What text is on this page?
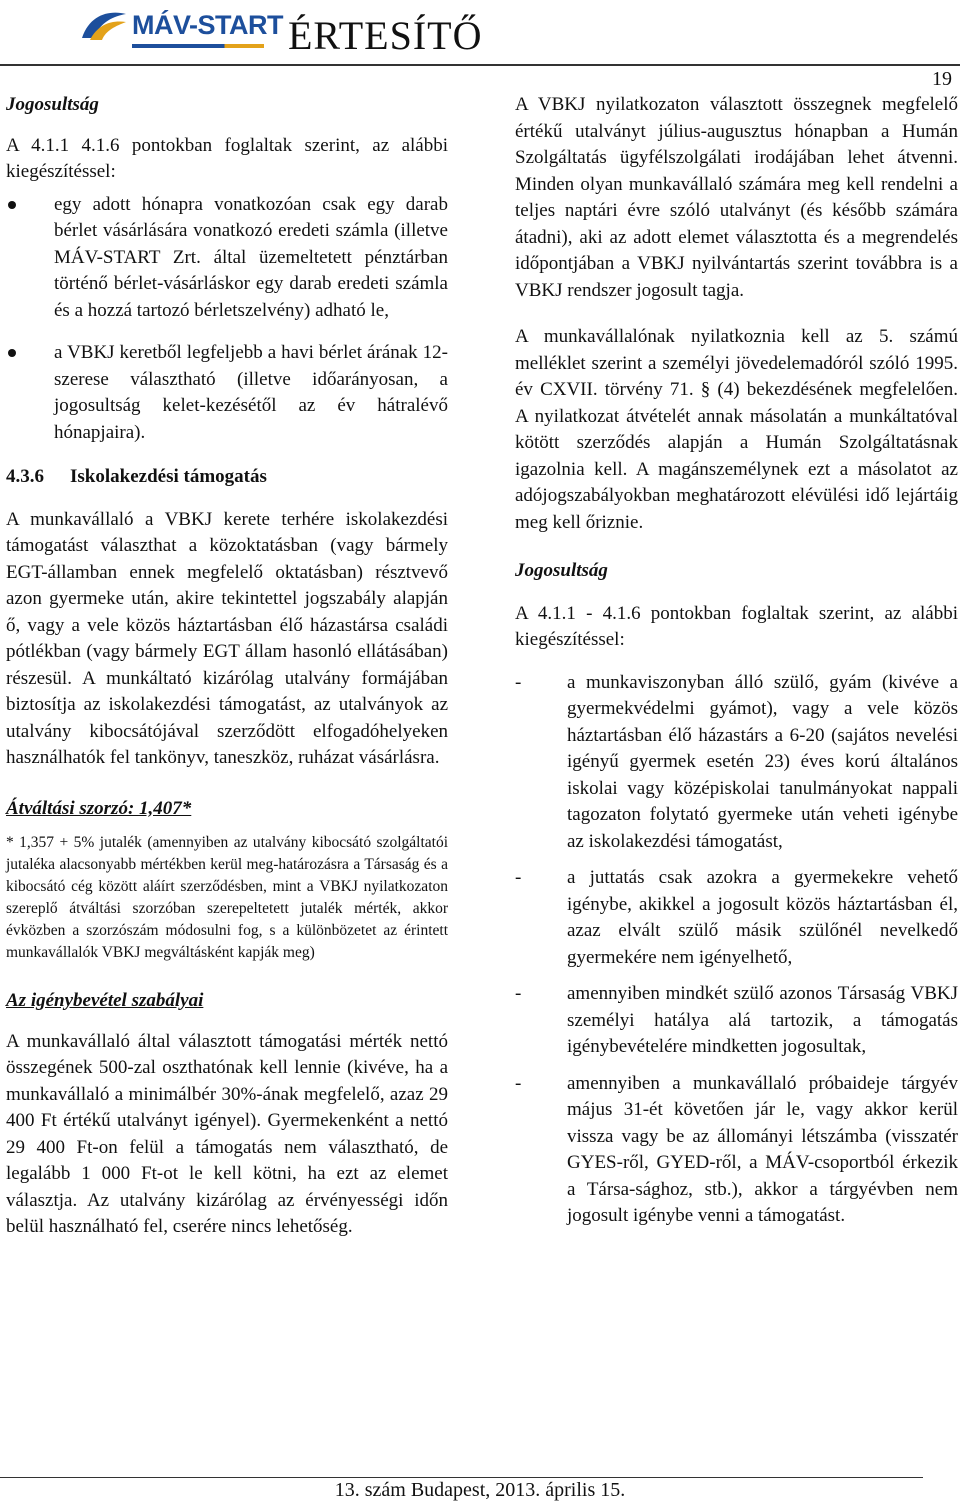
MÁV-START ÉRTESÍTŐ
19

Jogosultság

A 4.1.1 4.1.6 pontokban foglaltak szerint, az alábbi kiegészítéssel:

egy adott hónapra vonatkozóan csak egy darab bérlet vásárlására vonatkozó eredeti számla (illetve MÁV-START Zrt. által üzemeltetett pénztárban történő bérlet-vásárláskor egy darab eredeti számla és a hozzá tartozó bérletszelvény) adható le,
a VBKJ keretből legfeljebb a havi bérlet árának 12-szerese választható (illetve időarányosan, a jogosultság kelet-kezésétől az év hátralévő hónapjaira).

4.3.6 Iskolakezdési támogatás

A munkavállaló a VBKJ kerete terhére iskolakezdési támogatást választhat a közoktatásban (vagy bármely EGT-államban ennek megfelelő oktatásban) résztvevő azon gyermeke után, akire tekintettel jogszabály alapján ő, vagy a vele közös háztartásban élő házastársa családi pótlékban (vagy bármely EGT állam hasonló ellátásában) részesül. A munkáltató kizárólag utalvány formájában biztosítja az iskolakezdési támogatást, az utalványok az utalvány kibocsátójával szerződött elfogadóhelyeken használhatók fel tankönyv, taneszköz, ruházat vásárlásra.

Átváltási szorzó: 1,407*

* 1,357 + 5% jutalék (amennyiben az utalvány kibocsátó szolgáltatói jutaléka alacsonyabb mértékben kerül meg-határozásra a Társaság és a kibocsátó cég között aláírt szerződésben, mint a VBKJ nyilatkozaton szereplő átváltási szorzóban szerepeltetett jutalék mérték, akkor évközben a szorzószám módosulni fog, s a különbözetet az érintett munkavállalók VBKJ megváltásként kapják meg)

Az igénybevétel szabályai

A munkavállaló által választott támogatási mérték nettó összegének 500-zal oszthatónak kell lennie (kivéve, ha a munkavállaló a minimálbér 30%-ának megfelelő, azaz 29 400 Ft értékű utalványt igényel). Gyermekenként a nettó 29 400 Ft-on felül a támogatás nem választható, de legalább 1 000 Ft-ot le kell kötni, ha ezt az elemet választja. Az utalvány kizárólag az érvényességi időn belül használható fel, cserére nincs lehetőség.

A VBKJ nyilatkozaton választott összegnek megfelelő értékű utalványt július-augusztus hónapban a Humán Szolgáltatás ügyfélszolgálati irodájában lehet átvenni. Minden olyan munkavállaló számára meg kell rendelni a teljes naptári évre szóló utalványt (és később számára átadni), aki az adott elemet választotta és a megrendelés időpontjában a VBKJ nyilvántartás szerint továbbra is a VBKJ rendszer jogosult tagja.

A munkavállalónak nyilatkoznia kell az 5. számú melléklet szerint a személyi jövedelemadóról szóló 1995. év CXVII. törvény 71. § (4) bekezdésének megfelelően. A nyilatkozat átvételét annak másolatán a munkáltatóval kötött szerződés alapján a Humán Szolgáltatásnak igazolnia kell. A magánszemélynek ezt a másolatot az adójogszabályokban meghatározott elévülési idő lejártáig meg kell őriznie.

Jogosultság

A 4.1.1 - 4.1.6 pontokban foglaltak szerint, az alábbi kiegészítéssel:

- a munkaviszonyban álló szülő, gyám (kivéve a gyermekvédelmi gyámot), vagy a vele közös háztartásban élő házastárs a 6-20 (sajátos nevelési igényű gyermek esetén 23) éves korú általános iskolai vagy középiskolai tanulmányokat nappali tagozaton folytató gyermeke után veheti igénybe az iskolakezdési támogatást,
- a juttatás csak azokra a gyermekekre vehető igénybe, akikkel a jogosult közös háztartásban él, azaz elvált szülő másik szülőnél nevelkedő gyermekére nem igényelhető,
- amennyiben mindkét szülő azonos Társaság VBKJ személyi hatálya alá tartozik, a támogatás igénybevételére mindketten jogosultak,
- amennyiben a munkavállaló próbaidejе tárgyév május 31-ét követően jár le, vagy akkor kerül vissza vagy be az állományi létszámba (visszatér GYES-ről, GYED-ről, a MÁV-csoportból érkezik a Társa-sághoz, stb.), akkor a tárgyévben nem jogosult igénybe venni a támogatást.
13. szám Budapest, 2013. április 15.
